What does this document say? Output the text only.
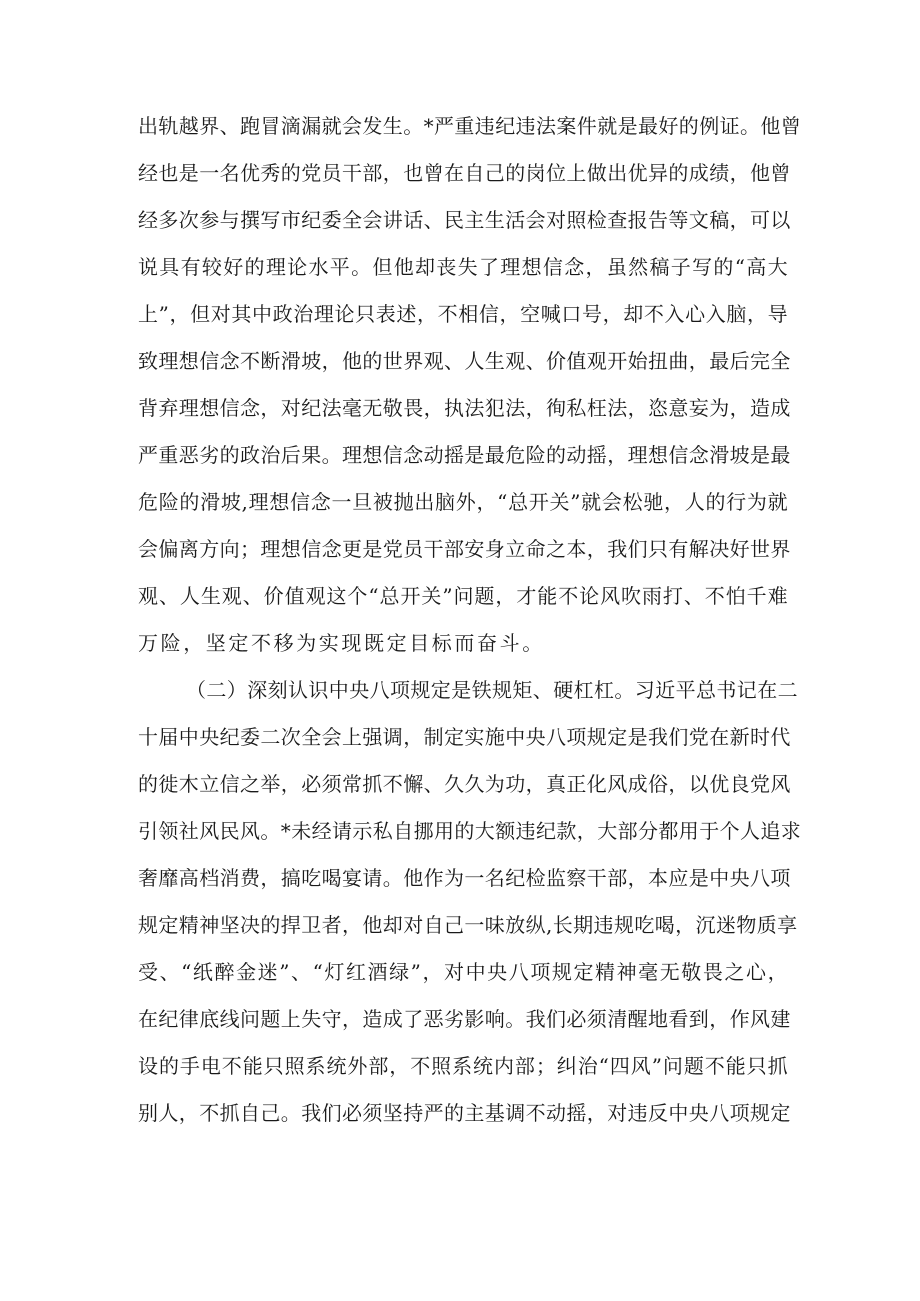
出轨越界、跑冒滴漏就会发生。*严重违纪违法案件就是最好的例证。他曾
经也是一名优秀的党员干部，也曾在自己的岗位上做出优异的成绩，他曾
经多次参与撰写市纪委全会讲话、民主生活会对照检查报告等文稿，可以
说具有较好的理论水平。但他却丧失了理想信念，虽然稿子写的“高大
上”，但对其中政治理论只表述，不相信，空喊口号，却不入心入脑，导
致理想信念不断滑坡，他的世界观、人生观、价值观开始扭曲，最后完全
背弃理想信念，对纪法毫无敬畏，执法犯法，徇私枉法，恣意妄为，造成
严重恶劣的政治后果。理想信念动摇是最危险的动摇，理想信念滑坡是最
危险的滑坡,理想信念一旦被抛出脑外，“总开关”就会松驰，人的行为就
会偏离方向；理想信念更是党员干部安身立命之本，我们只有解决好世界
观、人生观、价值观这个“总开关”问题，才能不论风吹雨打、不怕千难
万险，坚定不移为实现既定目标而奋斗。
（二）深刻认识中央八项规定是铁规矩、硬杠杠。习近平总书记在二
十届中央纪委二次全会上强调，制定实施中央八项规定是我们党在新时代
的徙木立信之举，必须常抓不懈、久久为功，真正化风成俗，以优良党风
引领社风民风。*未经请示私自挪用的大额违纪款，大部分都用于个人追求
奢靡高档消费，搞吃喝宴请。他作为一名纪检监察干部，本应是中央八项
规定精神坚决的捍卫者，他却对自己一味放纵,长期违规吃喝，沉迷物质享
受、“纸醉金迷”、“灯红酒绿”，对中央八项规定精神毫无敬畏之心，
在纪律底线问题上失守，造成了恶劣影响。我们必须清醒地看到，作风建
设的手电不能只照系统外部，不照系统内部；纠治“四风”问题不能只抓
别人，不抓自己。我们必须坚持严的主基调不动摇，对违反中央八项规定
